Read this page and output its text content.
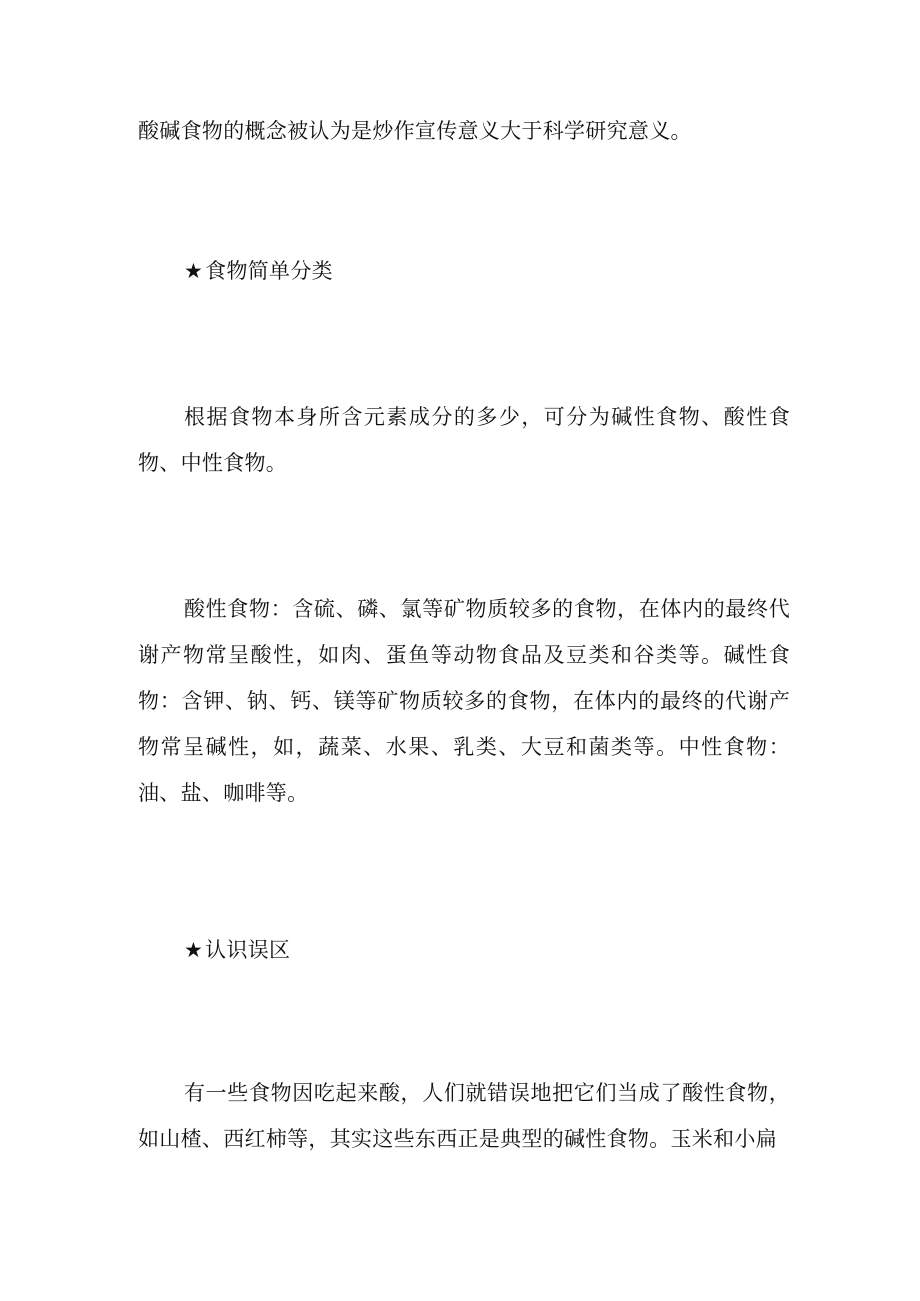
酸碱食物的概念被认为是炒作宣传意义大于科学研究意义。

★食物简单分类

根据食物本身所含元素成分的多少，可分为碱性食物、酸性食物、中性食物。

酸性食物：含硫、磷、氯等矿物质较多的食物，在体内的最终代谢产物常呈酸性，如肉、蛋鱼等动物食品及豆类和谷类等。碱性食物：含钾、钠、钙、镁等矿物质较多的食物，在体内的最终的代谢产物常呈碱性，如，蔬菜、水果、乳类、大豆和菌类等。中性食物：油、盐、咖啡等。

★认识误区

有一些食物因吃起来酸，人们就错误地把它们当成了酸性食物，如山楂、西红柿等，其实这些东西正是典型的碱性食物。玉米和小扁
